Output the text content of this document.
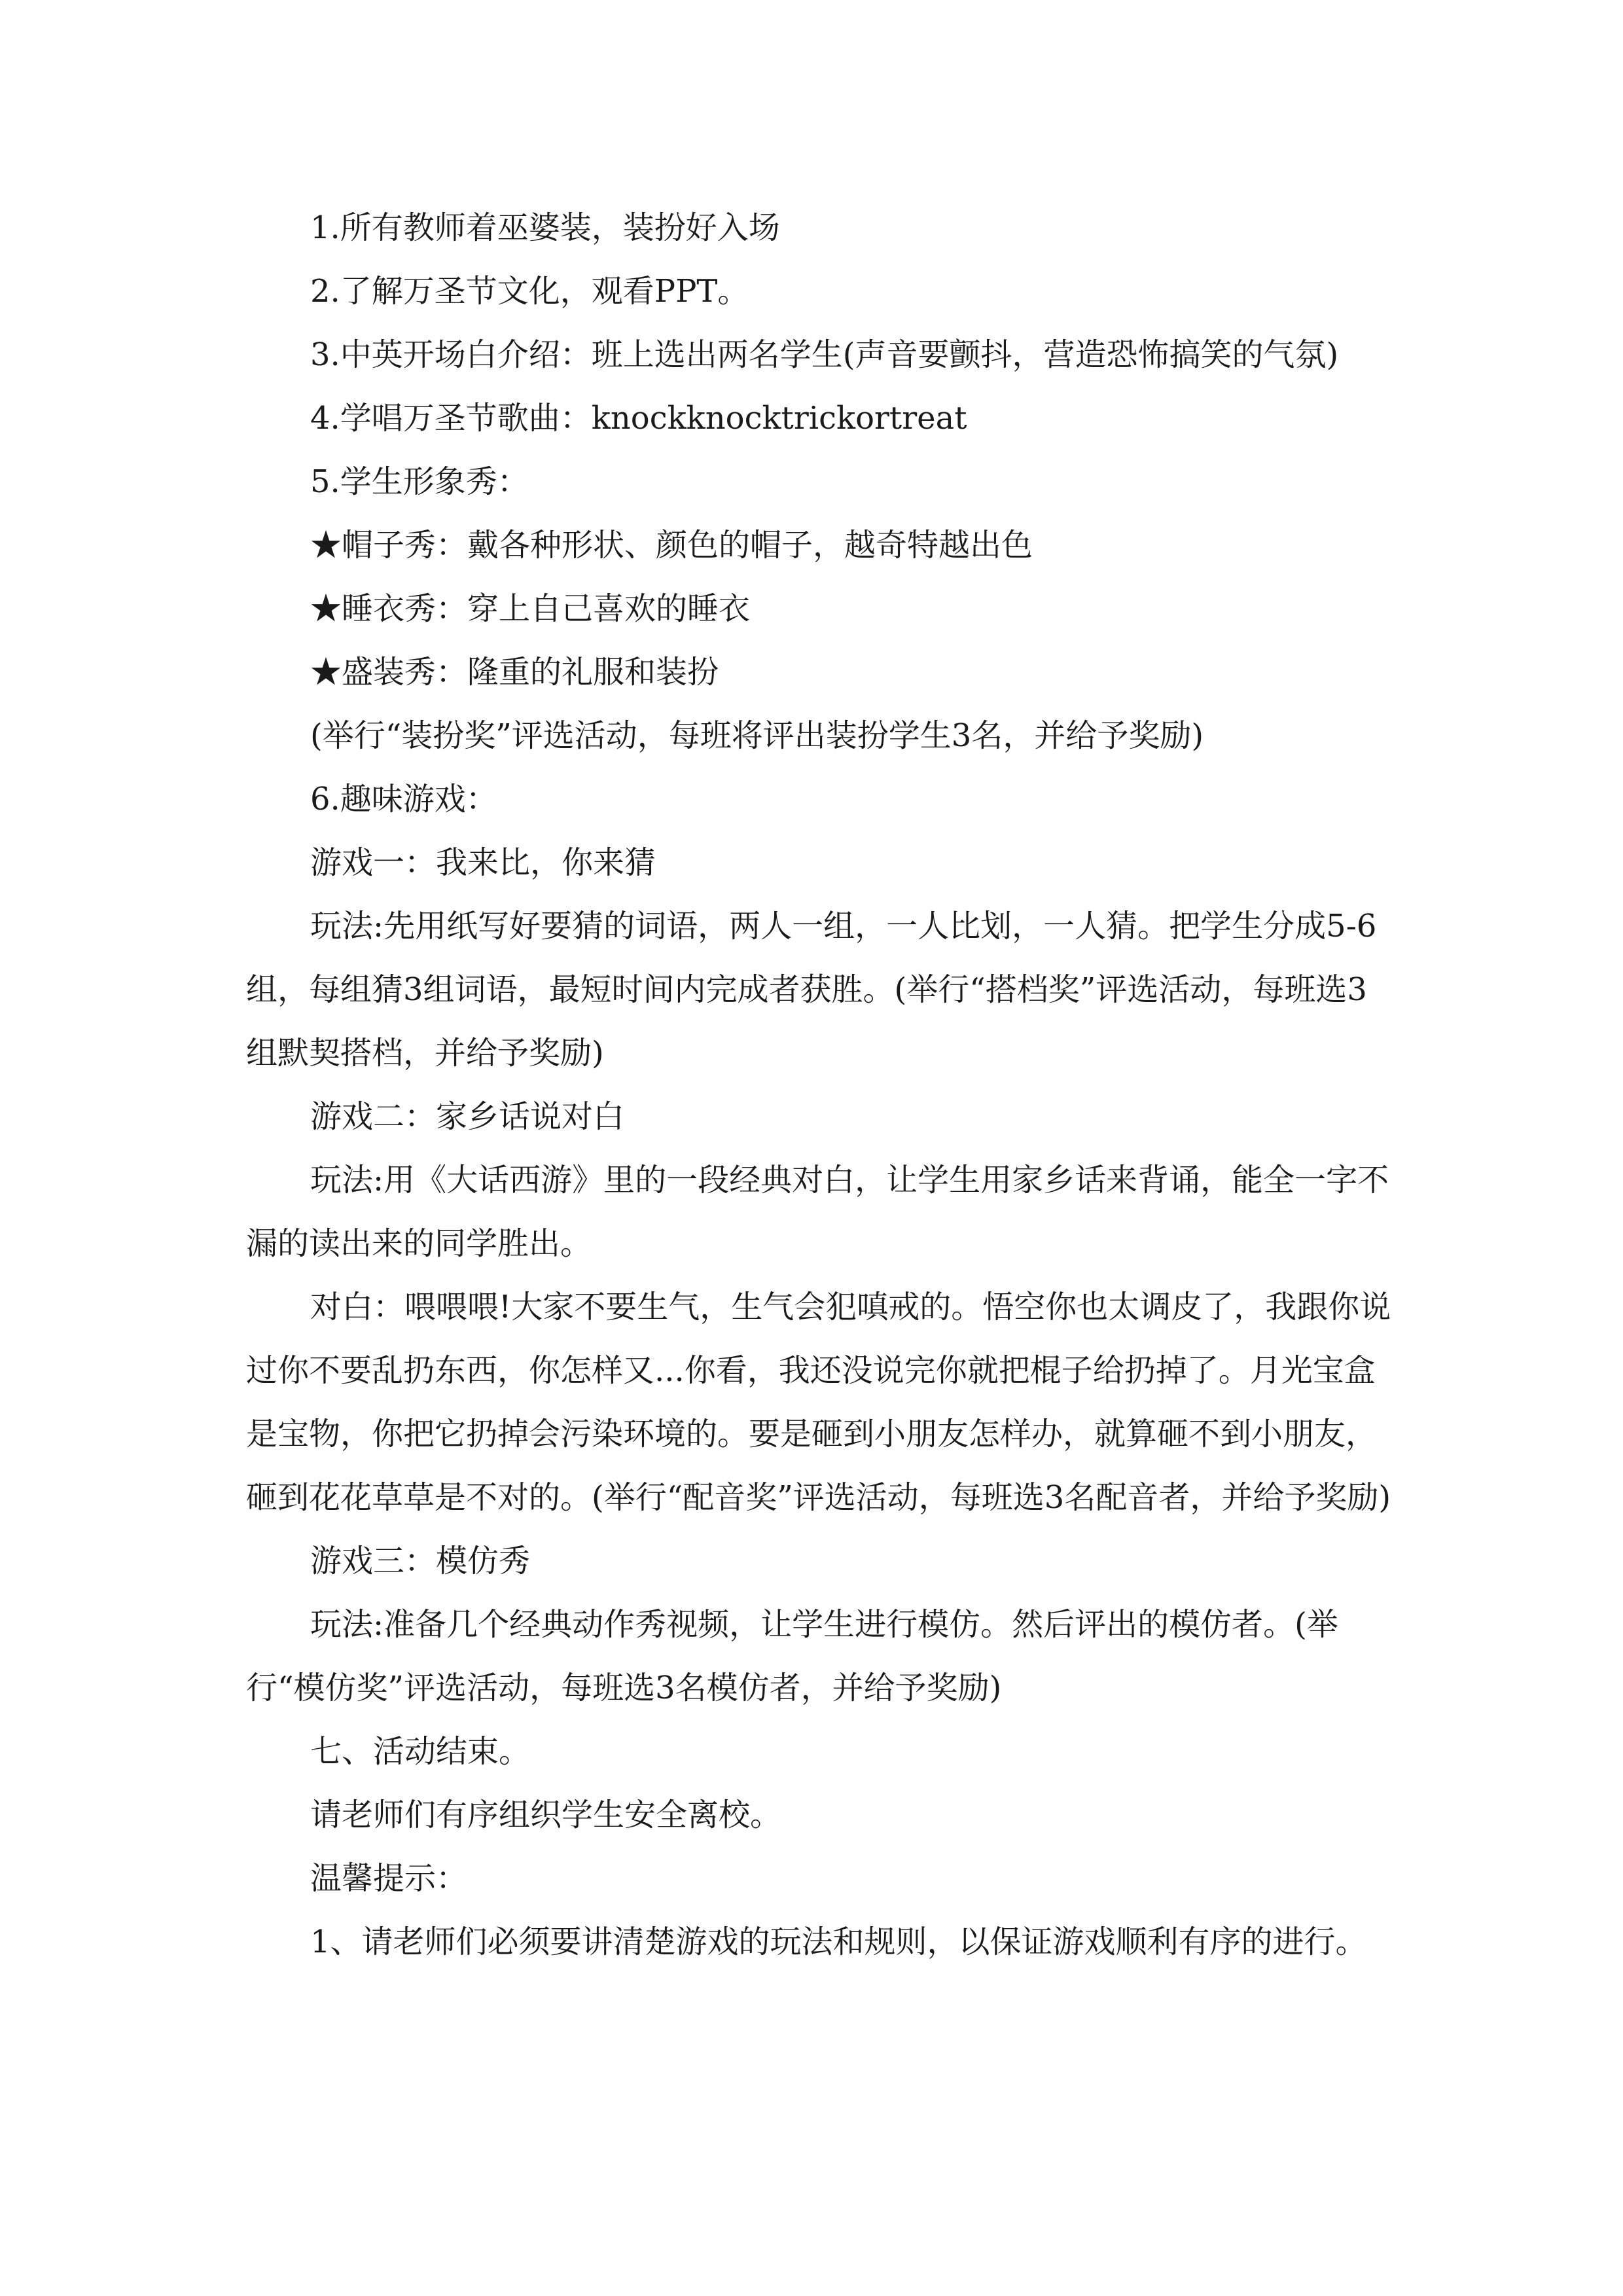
1.所有教师着巫婆装，装扮好入场

2.了解万圣节文化，观看PPT。

3.中英开场白介绍：班上选出两名学生(声音要颤抖，营造恐怖搞笑的气氛)

4.学唱万圣节歌曲：knockknocktrickortreat

5.学生形象秀：

★帽子秀：戴各种形状、颜色的帽子，越奇特越出色

★睡衣秀：穿上自己喜欢的睡衣

★盛装秀：隆重的礼服和装扮

(举行“装扮奖”评选活动，每班将评出装扮学生3名，并给予奖励)

6.趣味游戏：

游戏一：我来比，你来猜

玩法:先用纸写好要猜的词语，两人一组，一人比划，一人猜。把学生分成5-6组，每组猜3组词语，最短时间内完成者获胜。(举行“搭档奖”评选活动，每班选3组默契搭档，并给予奖励)

游戏二：家乡话说对白

玩法:用《大话西游》里的一段经典对白，让学生用家乡话来背诵，能全一字不漏的读出来的同学胜出。

对白：喂喂喂!大家不要生气，生气会犯嗔戒的。悟空你也太调皮了，我跟你说过你不要乱扔东西，你怎样又...你看，我还没说完你就把棍子给扔掉了。月光宝盒是宝物，你把它扔掉会污染环境的。要是砸到小朋友怎样办，就算砸不到小朋友，砸到花花草草是不对的。(举行“配音奖”评选活动，每班选3名配音者，并给予奖励)

游戏三：模仿秀

玩法:准备几个经典动作秀视频，让学生进行模仿。然后评出的模仿者。(举行“模仿奖”评选活动，每班选3名模仿者，并给予奖励)

七、活动结束。

请老师们有序组织学生安全离校。

温馨提示：

1、请老师们必须要讲清楚游戏的玩法和规则，以保证游戏顺利有序的进行。
